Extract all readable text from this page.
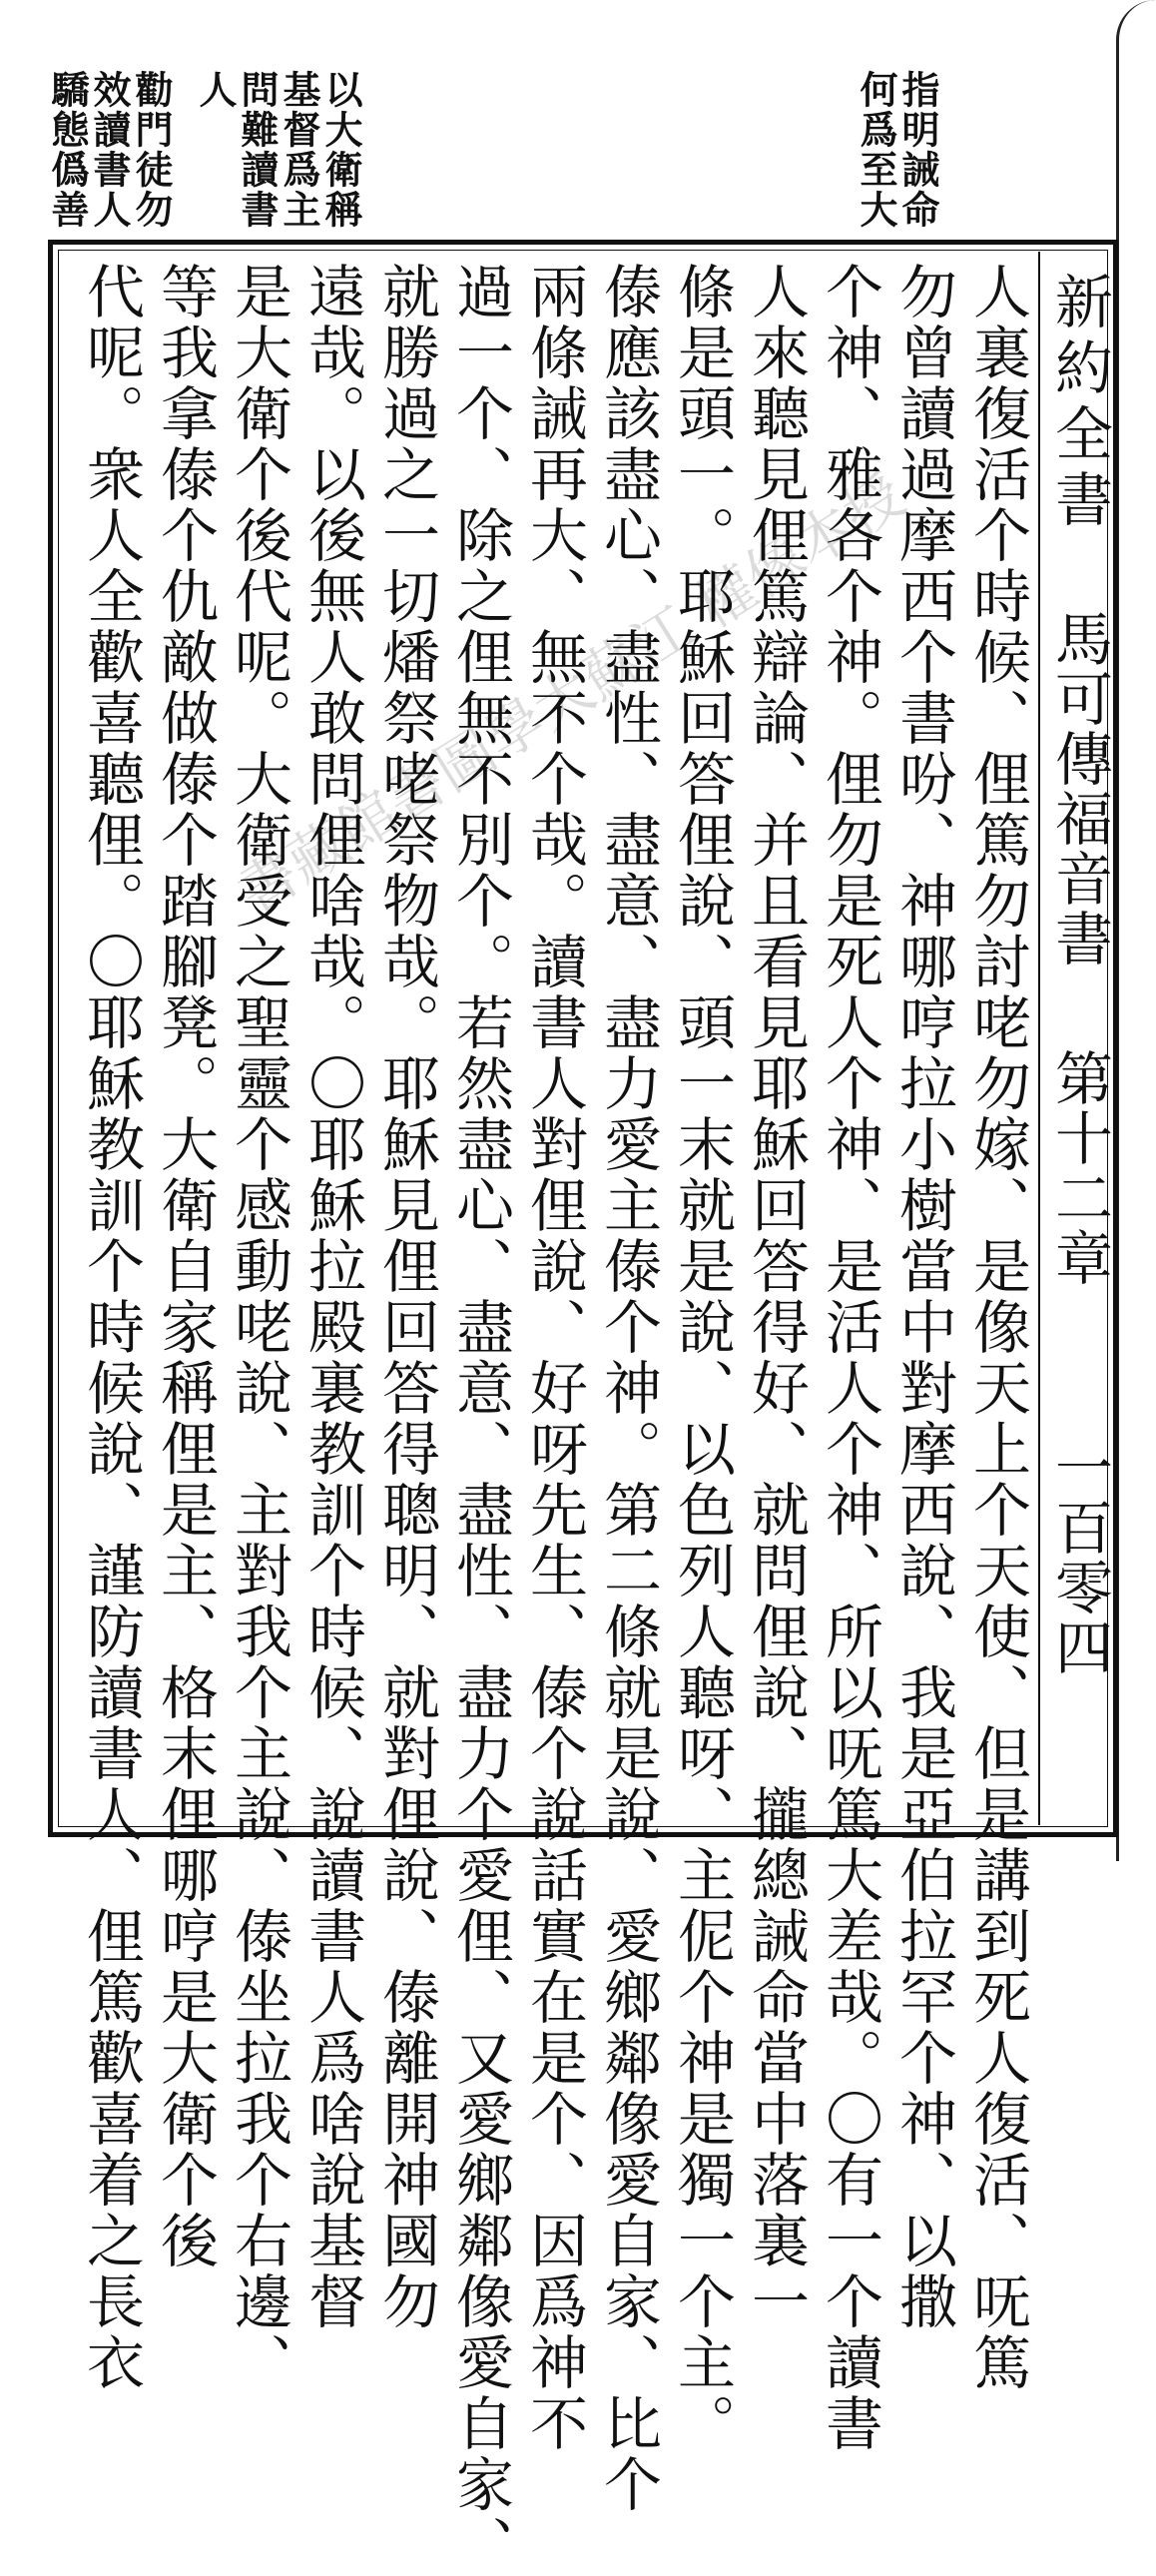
指明誡命
何爲至大
以大衛稱
基督爲主
問難讀書
人
勸門徒勿
效讀書人
驕態僞善
新約全書
馬可傳福音書
第十二章
一百零四
人裏復活个時候、俚篤勿討咾勿嫁、是像天上个天使、但是講到死人復活、呒篤
勿曾讀過摩西个書吩、神哪哼拉小樹當中對摩西說、我是亞伯拉罕个神、以撒
个神、雅各个神。俚勿是死人个神、是活人个神、所以呒篤大差哉。〇有一个讀書
人來聽見俚篤辯論、并且看見耶穌回答得好、就問俚說、攏總誡命當中落裏一
條是頭一。耶穌回答俚說、頭一末就是說、以色列人聽呀、主伲个神是獨一个主。
傣應該盡心、盡性、盡意、盡力愛主傣个神。第二條就是說、愛鄉鄰像愛自家、比个
兩條誡再大、無不个哉。讀書人對俚說、好呀先生、傣个說話實在是个、因爲神不
過一个、除之俚無不別个。若然盡心、盡意、盡性、盡力个愛俚、又愛鄉鄰像愛自家、
就勝過之一切燔祭咾祭物哉。耶穌見俚回答得聰明、就對俚說、傣離開神國勿
遠哉。以後無人敢問俚啥哉。〇耶穌拉殿裏教訓个時候、說讀書人爲啥說基督
是大衛个後代呢。大衛受之聖靈个感動咾說、主對我个主說、傣坐拉我个右邊、
等我拿傣个仇敵做傣个踏腳凳。大衛自家稱俚是主、格末俚哪哼是大衛个後
代呢。衆人全歡喜聽俚。〇耶穌教訓个時候說、謹防讀書人、俚篤歡喜着之長衣 書藏館書圖學大蘇江 權像本授
